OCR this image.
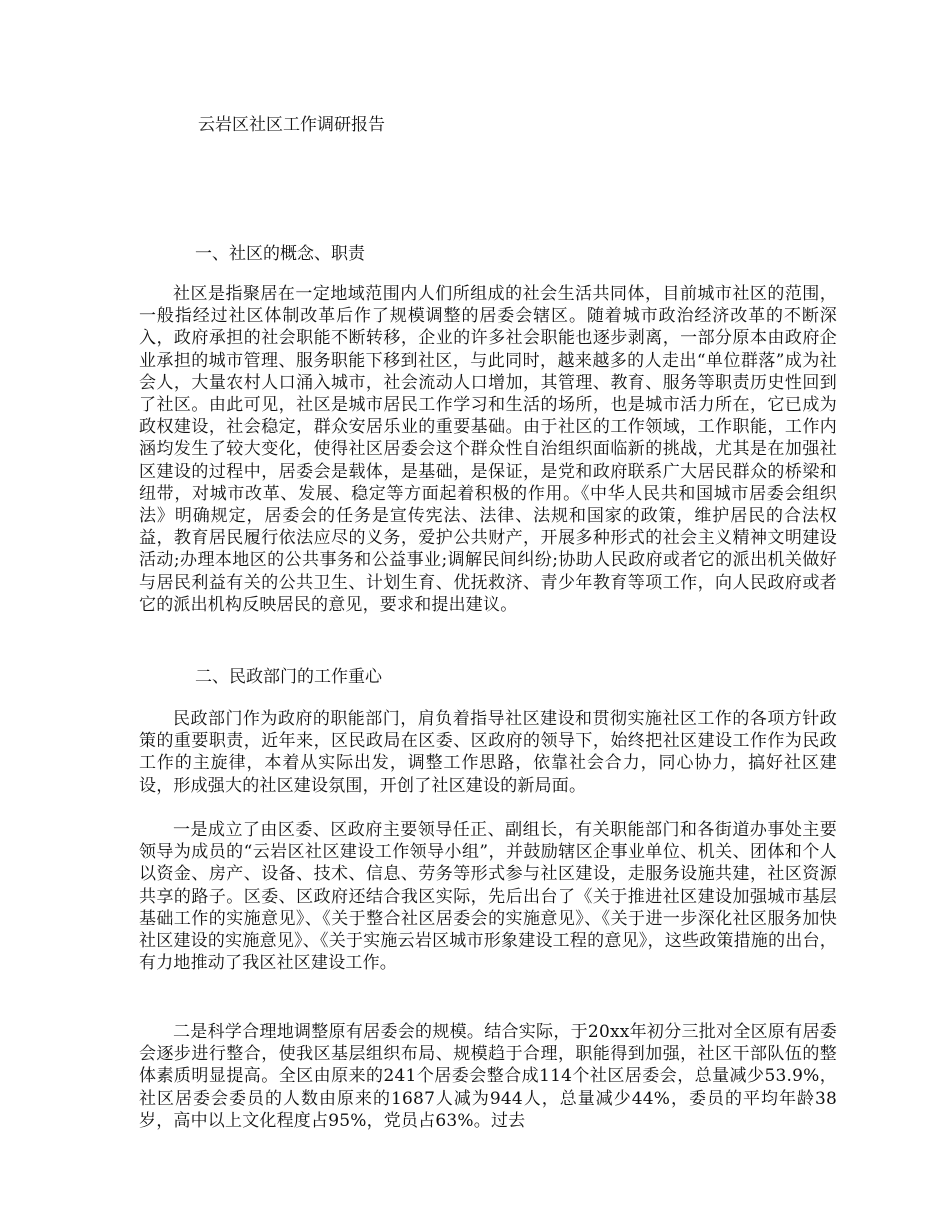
云岩区社区工作调研报告
一、社区的概念、职责

社区是指聚居在一定地域范围内人们所组成的社会生活共同体，目前城市社区的范围，一般指经过社区体制改革后作了规模调整的居委会辖区。随着城市政治经济改革的不断深入，政府承担的社会职能不断转移，企业的许多社会职能也逐步剥离，一部分原本由政府企业承担的城市管理、服务职能下移到社区，与此同时，越来越多的人走出“单位群落”成为社会人，大量农村人口涌入城市，社会流动人口增加，其管理、教育、服务等职责历史性回到了社区。由此可见，社区是城市居民工作学习和生活的场所，也是城市活力所在，它已成为政权建设，社会稳定，群众安居乐业的重要基础。由于社区的工作领域，工作职能，工作内涵均发生了较大变化，使得社区居委会这个群众性自治组织面临新的挑战，尤其是在加强社区建设的过程中，居委会是载体，是基础，是保证，是党和政府联系广大居民群众的桥梁和纽带，对城市改革、发展、稳定等方面起着积极的作用。《中华人民共和国城市居委会组织法》明确规定，居委会的任务是宣传宪法、法律、法规和国家的政策，维护居民的合法权益，教育居民履行依法应尽的义务，爱护公共财产，开展多种形式的社会主义精神文明建设活动;办理本地区的公共事务和公益事业;调解民间纠纷;协助人民政府或者它的派出机关做好与居民利益有关的公共卫生、计划生育、优抚救济、青少年教育等项工作，向人民政府或者它的派出机构反映居民的意见，要求和提出建议。

二、民政部门的工作重心

民政部门作为政府的职能部门，肩负着指导社区建设和贯彻实施社区工作的各项方针政策的重要职责，近年来，区民政局在区委、区政府的领导下，始终把社区建设工作作为民政工作的主旋律，本着从实际出发，调整工作思路，依靠社会合力，同心协力，搞好社区建设，形成强大的社区建设氛围，开创了社区建设的新局面。

一是成立了由区委、区政府主要领导任正、副组长，有关职能部门和各街道办事处主要领导为成员的“云岩区社区建设工作领导小组”，并鼓励辖区企事业单位、机关、团体和个人以资金、房产、设备、技术、信息、劳务等形式参与社区建设，走服务设施共建，社区资源共享的路子。区委、区政府还结合我区实际，先后出台了《关于推进社区建设加强城市基层基础工作的实施意见》、《关于整合社区居委会的实施意见》、《关于进一步深化社区服务加快社区建设的实施意见》、《关于实施云岩区城市形象建设工程的意见》，这些政策措施的出台，有力地推动了我区社区建设工作。

二是科学合理地调整原有居委会的规模。结合实际，于20xx年初分三批对全区原有居委会逐步进行整合，使我区基层组织布局、规模趋于合理，职能得到加强，社区干部队伍的整体素质明显提高。全区由原来的241个居委会整合成114个社区居委会，总量减少53.9%，社区居委会委员的人数由原来的1687人减为944人，总量减少44%，委员的平均年龄38岁，高中以上文化程度占95%，党员占63%。过去
